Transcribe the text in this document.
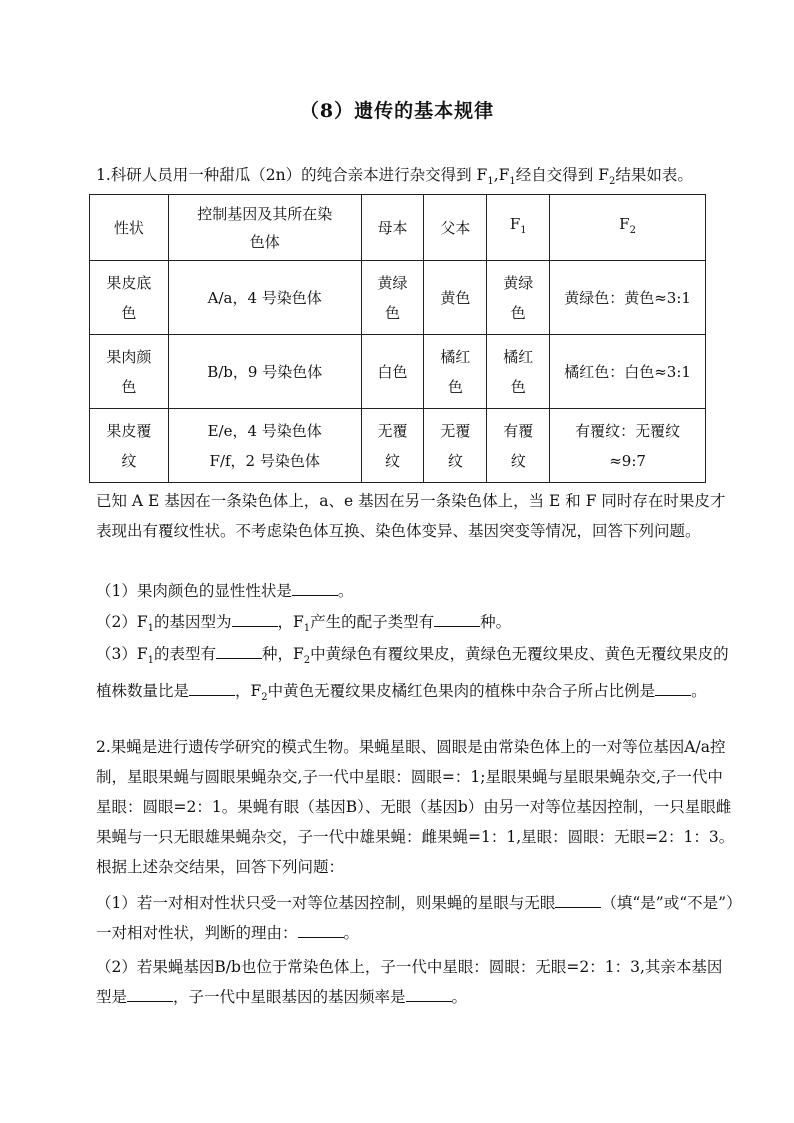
（8）遗传的基本规律
1.科研人员用一种甜瓜（2n）的纯合亲本进行杂交得到 $F_1,F_1$经自交得到 $F_2$结果如表。
性状	控制基因及其所在染色体	母本	父本	$F_1$	$F_2$

果皮底色	A/a，4 号染色体	黄绿色	黄色	黄绿色	黄绿色：黄色≈3:1

果肉颜色	B/b，9 号染色体	白色	橘红色	橘红色	橘红色：白色≈3:1

果皮覆纹	E/e，4 号染色体
F/f，2 号染色体	无覆纹	无覆纹	有覆纹	有覆纹：无覆纹≈9:7
已知 A E 基因在一条染色体上，a、e 基因在另一条染色体上，当 E 和 F 同时存在时果皮才表现出有覆纹性状。不考虑染色体互换、染色体变异、基因突变等情况，回答下列问题。
（1）果肉颜色的显性性状是	。
$(2)F_1$的基因型为	，$F_1$产生的配子类型有	种。
$(3)F_1$的表型有	种，$F_2$中黄绿色有覆纹果皮，黄绿色无覆纹果皮、黄色无覆纹果皮的植株数量比是	，$F_2$中黄色无覆纹果皮橘红色果肉的植株中杂合子所占比例是 。
2.果蝇是进行遗传学研究的模式生物。果蝇星眼、圆眼是由常染色体上的一对等位基因A/a控制，星眼果蝇与圆眼果蝇杂交,子一代中星眼：圆眼=：1;星眼果蝇与星眼果蝇杂交,子一代中星眼：圆眼=2：1。果蝇有眼（基因B）、无眼（基因b）由另一对等位基因控制，一只星眼雌果蝇与一只无眼雄果蝇杂交，子一代中雄果蝇：雌果蝇=1：1,星眼：圆眼：无眼=2：1：3。根据上述杂交结果，回答下列问题：
（1）若一对相对性状只受一对等位基因控制，则果蝇的星眼与无眼	（填“是”或“不是”）一对相对性状，判断的理由：	。
（2）若果蝇基因B/b也位于常染色体上，子一代中星眼：圆眼：无眼=2：1：3,其亲本基因型是	，子一代中星眼基因的基因频率是	。
